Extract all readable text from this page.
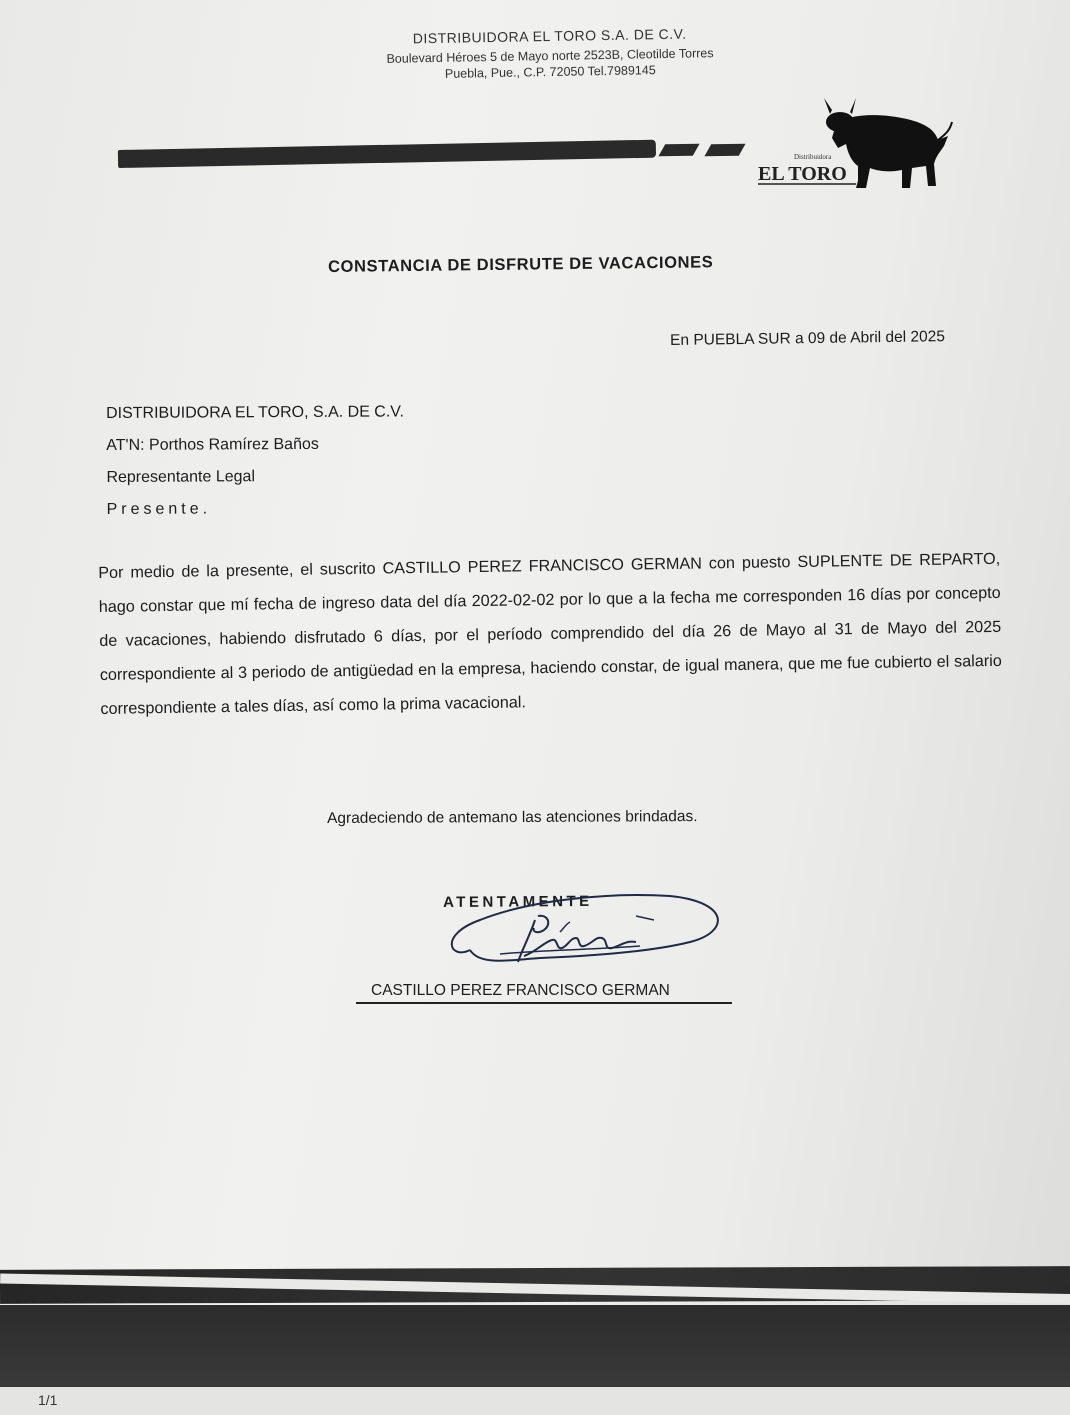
DISTRIBUIDORA EL TORO S.A. DE C.V.

Boulevard Héroes 5 de Mayo norte 2523B, Cleotilde Torres

Puebla, Pue., C.P. 72050 Tel.7989145

Distribuidora
EL TORO
.
CONSTANCIA DE DISFRUTE DE VACACIONES
En PUEBLA SUR a 09 de Abril del 2025
DISTRIBUIDORA EL TORO, S.A. DE C.V.
AT'N: Porthos Ramírez Baños
Representante Legal
Presente.

Por medio de la presente, el suscrito CASTILLO PEREZ FRANCISCO GERMAN con puesto SUPLENTE DE REPARTO, hago constar que mí fecha de ingreso data del día 2022-02-02 por lo que a la fecha me corresponden 16 días por concepto de vacaciones, habiendo disfrutado 6 días, por el período comprendido del día 26 de Mayo al 31 de Mayo del 2025 correspondiente al 3 periodo de antigüedad en la empresa, haciendo constar, de igual manera, que me fue cubierto el salario correspondiente a tales días, así como la prima vacacional.

Agradeciendo de antemano las atenciones brindadas.
ATENTAMENTE
CASTILLO PEREZ FRANCISCO GERMAN
1/1
